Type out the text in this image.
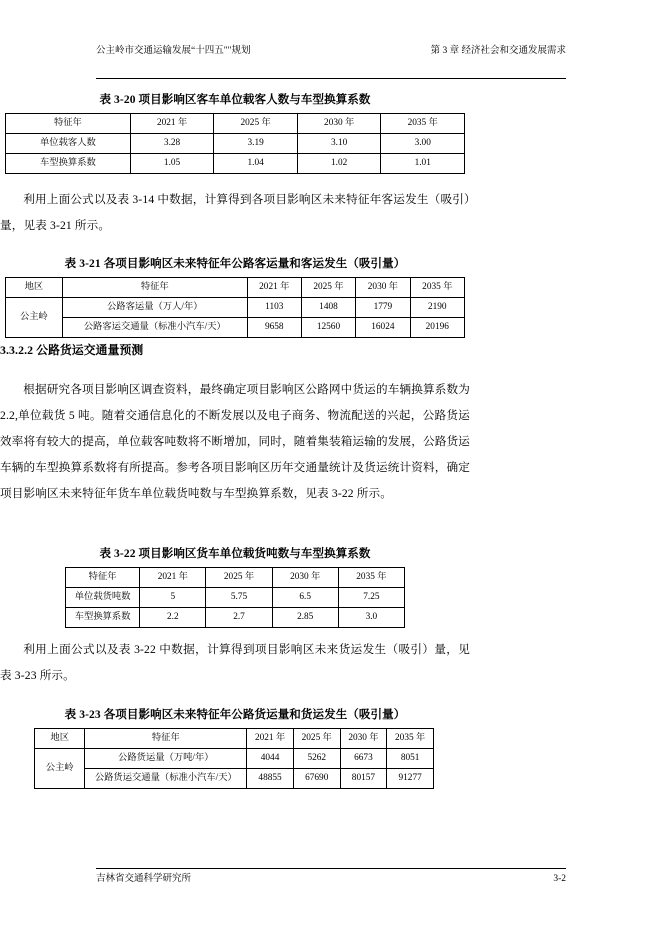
公主岭市交通运输发展“十四五""规划	第 3 章 经济社会和交通发展需求
表 3-20 项目影响区客车单位载客人数与车型换算系数
特征年	2021 年	2025 年	2030 年	2035 年
单位载客人数	3.28	3.19	3.10	3.00
车型换算系数	1.05	1.04	1.02	1.01

利用上面公式以及表 3-14 中数据，计算得到各项目影响区未来特征年客运发生（吸引）量，见表 3-21 所示。

表 3-21 各项目影响区未来特征年公路客运量和客运发生（吸引量）
地区	特征年	2021 年	2025 年	2030 年	2035 年
公主岭	公路客运量（万人/年）	1103	1408	1779	2190
	公路客运交通量（标准小汽车/天）	9658	12560	16024	20196
3.3.2.2 公路货运交通量预测

根据研究各项目影响区调查资料，最终确定项目影响区公路网中货运的车辆换算系数为 2.2,单位载货 5 吨。随着交通信息化的不断发展以及电子商务、物流配送的兴起，公路货运效率将有较大的提高，单位载客吨数将不断增加，同时，随着集装箱运输的发展，公路货运车辆的车型换算系数将有所提高。参考各项目影响区历年交通量统计及货运统计资料，确定项目影响区未来特征年货车单位载货吨数与车型换算系数，见表 3-22 所示。

表 3-22 项目影响区货车单位载货吨数与车型换算系数
特征年	2021 年	2025 年	2030 年	2035 年
单位载货吨数	5	5.75	6.5	7.25
车型换算系数	2.2	2.7	2.85	3.0

利用上面公式以及表 3-22 中数据，计算得到项目影响区未来货运发生（吸引）量，见表 3-23 所示。

表 3-23 各项目影响区未来特征年公路货运量和货运发生（吸引量）
地区	特征年	2021 年	2025 年	2030 年	2035 年
公主岭	公路货运量（万吨/年）	4044	5262	6673	8051
	公路货运交通量（标准小汽车/天）	48855	67690	80157	91277
吉林省交通科学研究所	3-2
